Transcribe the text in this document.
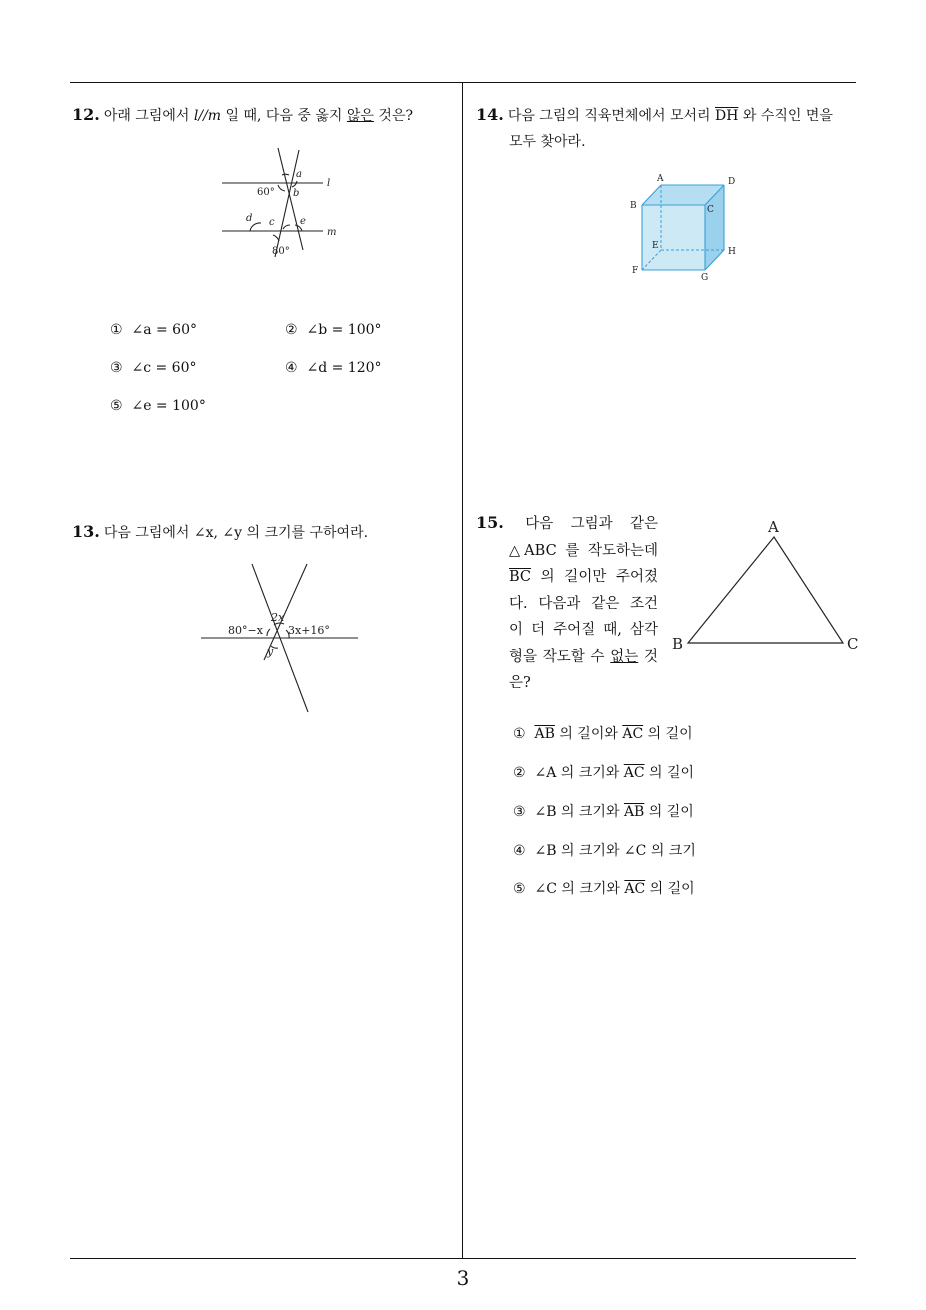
3
12. 아래 그림에서 l//m 일 때, 다음 중 옳지 않은 것은?
a
b
c
d	e
l
m
60°
80°
① ∠a = 60°	② ∠b = 100°
③ ∠c = 60°	④ ∠d = 120°
⑤ ∠e = 100°
13. 다음 그림에서 ∠x, ∠y 의 크기를 구하여라.
2x
80°−x 3x+16°
y
14. 다음 그림의 직육면체에서 모서리 $\overline{DH}$ 와 수직인 면을
모두 찾아라.
A	D
B	C
E
H
F
G
15. 다음 그림과 같은
△ABC 를 작도하는데
$\overline{BC}$ 의 길이만 주어졌
다. 다음과 같은 조건
이 더 주어질 때, 삼각
형을 작도할 수 없는 것
은?
A
B	C
① $\overline{AB}$ 의 길이와 $\overline{AC}$ 의 길이
② ∠A 의 크기와 $\overline{AC}$ 의 길이
③ ∠B 의 크기와 $\overline{AB}$ 의 길이
④ ∠B 의 크기와 ∠C 의 크기
⑤ ∠C 의 크기와 $\overline{AC}$ 의 길이
